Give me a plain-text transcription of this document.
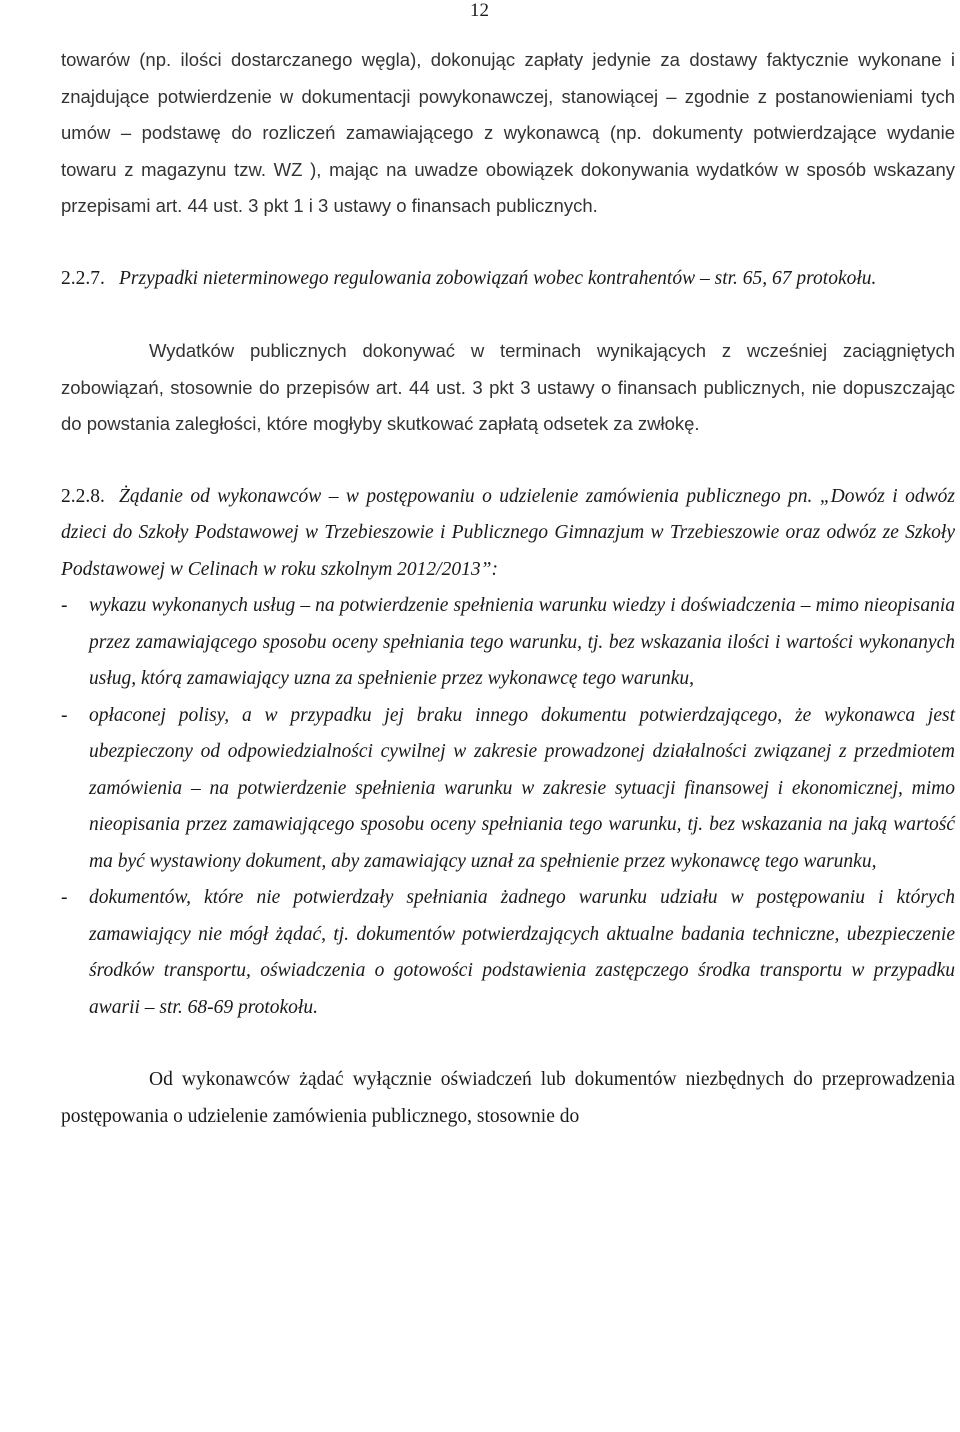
12

towarów (np. ilości dostarczanego węgla), dokonując zapłaty jedynie za dostawy faktycznie wykonane i znajdujące potwierdzenie w dokumentacji powykonawczej, stanowiącej – zgodnie z postanowieniami tych umów – podstawę do rozliczeń zamawiającego z wykonawcą (np. dokumenty potwierdzające wydanie towaru z magazynu tzw. WZ ), mając na uwadze obowiązek dokonywania wydatków w sposób wskazany przepisami art. 44 ust. 3 pkt 1 i 3 ustawy o finansach publicznych.

2.2.7. Przypadki nieterminowego regulowania zobowiązań wobec kontrahentów – str. 65, 67 protokołu.

Wydatków publicznych dokonywać w terminach wynikających z wcześniej zaciągniętych zobowiązań, stosownie do przepisów art. 44 ust. 3 pkt 3 ustawy o finansach publicznych, nie dopuszczając do powstania zaległości, które mogłyby skutkować zapłatą odsetek za zwłokę.

2.2.8. Żądanie od wykonawców – w postępowaniu o udzielenie zamówienia publicznego pn. „Dowóz i odwóz dzieci do Szkoły Podstawowej w Trzebieszowie i Publicznego Gimnazjum w Trzebieszowie oraz odwóz ze Szkoły Podstawowej w Celinach w roku szkolnym 2012/2013”:
- wykazu wykonanych usług – na potwierdzenie spełnienia warunku wiedzy i doświadczenia – mimo nieopisania przez zamawiającego sposobu oceny spełniania tego warunku, tj. bez wskazania ilości i wartości wykonanych usług, którą zamawiający uzna za spełnienie przez wykonawcę tego warunku,
- opłaconej polisy, a w przypadku jej braku innego dokumentu potwierdzającego, że wykonawca jest ubezpieczony od odpowiedzialności cywilnej w zakresie prowadzonej działalności związanej z przedmiotem zamówienia – na potwierdzenie spełnienia warunku w zakresie sytuacji finansowej i ekonomicznej, mimo nieopisania przez zamawiającego sposobu oceny spełniania tego warunku, tj. bez wskazania na jaką wartość ma być wystawiony dokument, aby zamawiający uznał za spełnienie przez wykonawcę tego warunku,
- dokumentów, które nie potwierdzały spełniania żadnego warunku udziału w postępowaniu i których zamawiający nie mógł żądać, tj. dokumentów potwierdzających aktualne badania techniczne, ubezpieczenie środków transportu, oświadczenia o gotowości podstawienia zastępczego środka transportu w przypadku awarii – str. 68-69 protokołu.

Od wykonawców żądać wyłącznie oświadczeń lub dokumentów niezbędnych do przeprowadzenia postępowania o udzielenie zamówienia publicznego, stosownie do
